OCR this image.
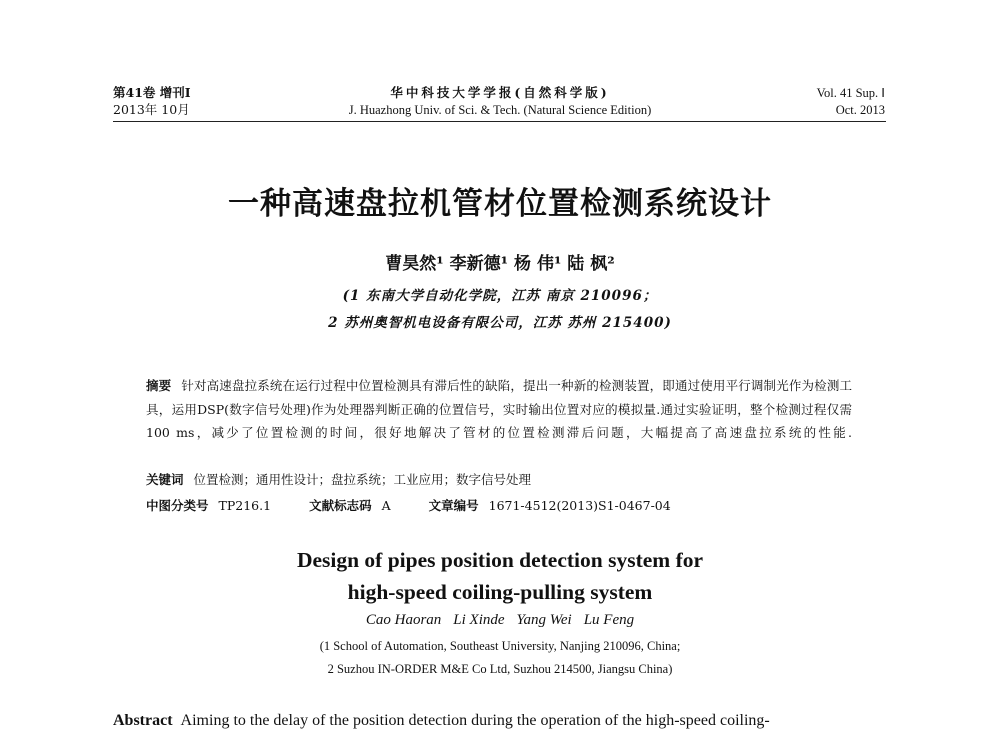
第41卷 增刊Ⅰ
2013年 10月
华中科技大学学报(自然科学版)
J. Huazhong Univ. of Sci. & Tech. (Natural Science Edition)
Vol. 41 Sup. Ⅰ
Oct. 2013
一种高速盘拉机管材位置检测系统设计
曹昊然¹ 李新德¹ 杨 伟¹ 陆 枫²
(1 东南大学自动化学院，江苏 南京 210096；
2 苏州奥智机电设备有限公司，江苏 苏州 215400)
摘要 针对高速盘拉系统在运行过程中位置检测具有滞后性的缺陷，提出一种新的检测装置，即通过使用平行调制光作为检测工具，运用DSP(数字信号处理)作为处理器判断正确的位置信号，实时输出位置对应的模拟量.通过实验证明，整个检测过程仅需100 ms，减少了位置检测的时间，很好地解决了管材的位置检测滞后问题，大幅提高了高速盘拉系统的性能.
关键词 位置检测；通用性设计；盘拉系统；工业应用；数字信号处理
中图分类号 TP216.1	文献标志码 A	文章编号 1671-4512(2013)S1-0467-04
Design of pipes position detection system for
high-speed coiling-pulling system
Cao Haoran Li Xinde Yang Wei Lu Feng
(1 School of Automation, Southeast University, Nanjing 210096, China;
2 Suzhou IN-ORDER M&E Co Ltd, Suzhou 214500, Jiangsu China)
Abstract Aiming to the delay of the position detection during the operation of the high-speed coiling-
